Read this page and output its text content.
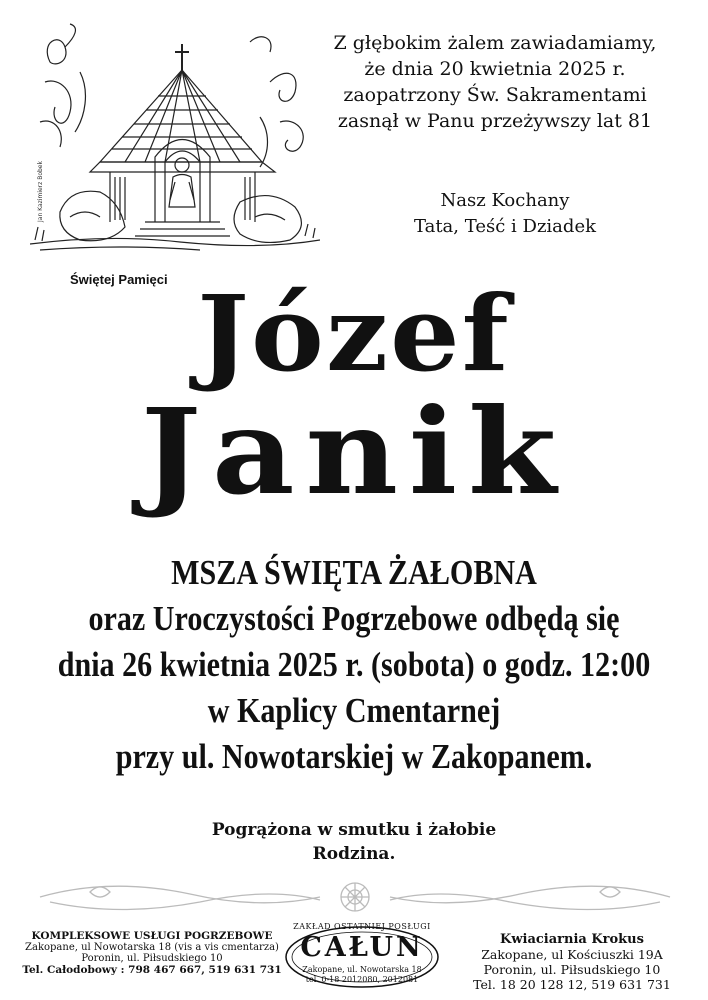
Jan Kazimierz Bobek
Z głębokim żalem zawiadamiamy,
że dnia 20 kwietnia 2025 r.
zaopatrzony Św. Sakramentami
zasnął w Panu przeżywszy lat 81
Nasz Kochany
Tata, Teść i Dziadek
Świętej Pamięci Józef
Janik
MSZA ŚWIĘTA ŻAŁOBNA
oraz Uroczystości Pogrzebowe odbędą się
dnia 26 kwietnia 2025 r. (sobota) o godz. 12:00
w Kaplicy Cmentarnej
przy ul. Nowotarskiej w Zakopanem.
Pogrążona w smutku i żałobie
Rodzina.
KOMPLEKSOWE USŁUGI POGRZEBOWE
Zakopane, ul Nowotarska 18 (vis a vis cmentarza)
Poronin, ul. Piłsudskiego 10
Tel. Całodobowy : 798 467 667, 519 631 731
ZAKŁAD OSTATNIEJ POSŁUGI
CAŁUN
Zakopane, ul. Nowotarska 18
tel. 0-18 2012080, 2012081
Kwiaciarnia Krokus
Zakopane, ul Kościuszki 19A
Poronin, ul. Piłsudskiego 10
Tel. 18 20 128 12, 519 631 731
